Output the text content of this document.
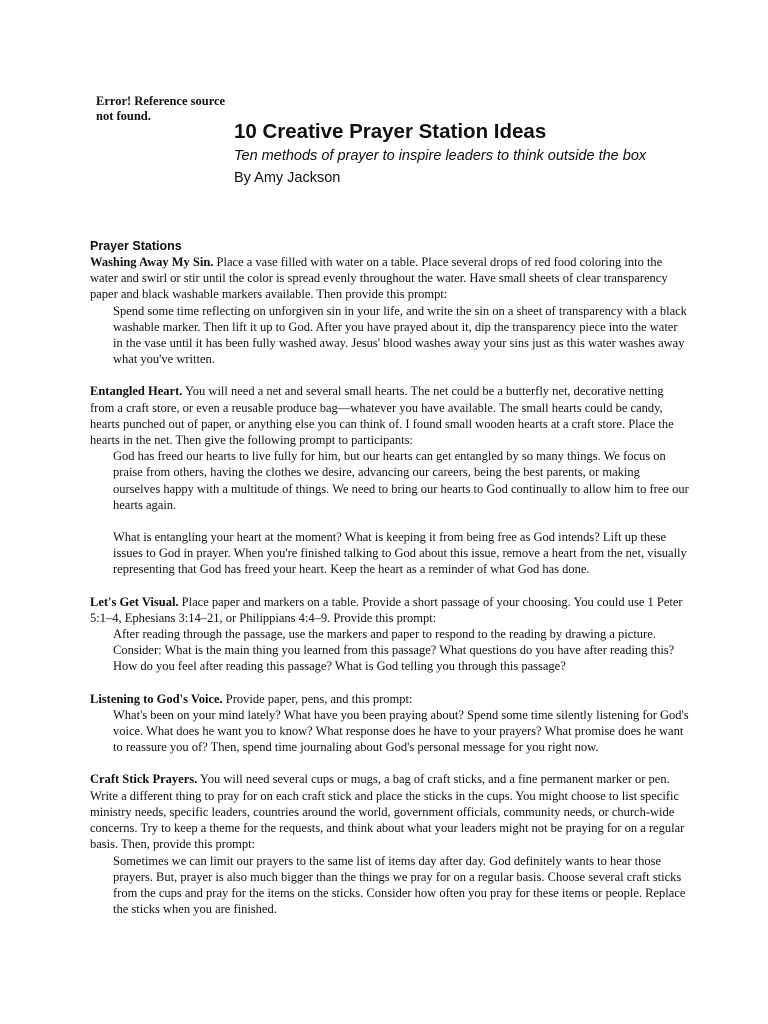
Error! Reference source not found.
10 Creative Prayer Station Ideas
Ten methods of prayer to inspire leaders to think outside the box
By Amy Jackson
Prayer Stations

Washing Away My Sin. Place a vase filled with water on a table. Place several drops of red food coloring into the water and swirl or stir until the color is spread evenly throughout the water. Have small sheets of clear transparency paper and black washable markers available. Then provide this prompt:

Spend some time reflecting on unforgiven sin in your life, and write the sin on a sheet of transparency with a black washable marker. Then lift it up to God. After you have prayed about it, dip the transparency piece into the water in the vase until it has been fully washed away. Jesus' blood washes away your sins just as this water washes away what you've written.

Entangled Heart. You will need a net and several small hearts. The net could be a butterfly net, decorative netting from a craft store, or even a reusable produce bag—whatever you have available. The small hearts could be candy, hearts punched out of paper, or anything else you can think of. I found small wooden hearts at a craft store. Place the hearts in the net. Then give the following prompt to participants:

God has freed our hearts to live fully for him, but our hearts can get entangled by so many things. We focus on praise from others, having the clothes we desire, advancing our careers, being the best parents, or making ourselves happy with a multitude of things. We need to bring our hearts to God continually to allow him to free our hearts again.

What is entangling your heart at the moment? What is keeping it from being free as God intends? Lift up these issues to God in prayer. When you're finished talking to God about this issue, remove a heart from the net, visually representing that God has freed your heart. Keep the heart as a reminder of what God has done.

Let's Get Visual. Place paper and markers on a table. Provide a short passage of your choosing. You could use 1 Peter 5:1–4, Ephesians 3:14–21, or Philippians 4:4–9. Provide this prompt:

After reading through the passage, use the markers and paper to respond to the reading by drawing a picture. Consider: What is the main thing you learned from this passage? What questions do you have after reading this? How do you feel after reading this passage? What is God telling you through this passage?

Listening to God's Voice. Provide paper, pens, and this prompt:

What's been on your mind lately? What have you been praying about? Spend some time silently listening for God's voice. What does he want you to know? What response does he have to your prayers? What promise does he want to reassure you of? Then, spend time journaling about God's personal message for you right now.

Craft Stick Prayers. You will need several cups or mugs, a bag of craft sticks, and a fine permanent marker or pen. Write a different thing to pray for on each craft stick and place the sticks in the cups. You might choose to list specific ministry needs, specific leaders, countries around the world, government officials, community needs, or church-wide concerns. Try to keep a theme for the requests, and think about what your leaders might not be praying for on a regular basis. Then, provide this prompt:

Sometimes we can limit our prayers to the same list of items day after day. God definitely wants to hear those prayers. But, prayer is also much bigger than the things we pray for on a regular basis. Choose several craft sticks from the cups and pray for the items on the sticks. Consider how often you pray for these items or people. Replace the sticks when you are finished.
